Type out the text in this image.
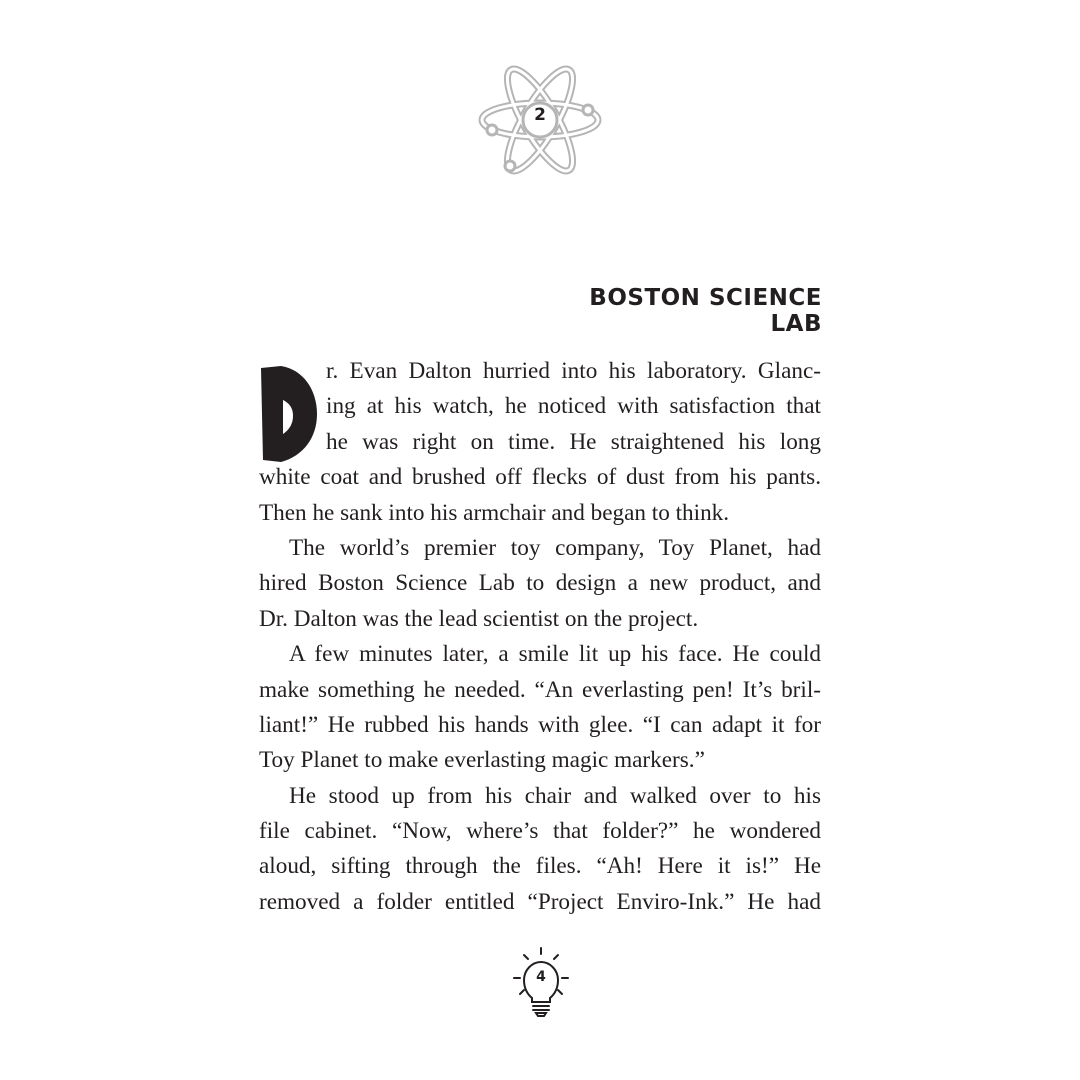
2
BOSTON SCIENCE LAB
r. Evan Dalton hurried into his laboratory. Glanc-
ing at his watch, he noticed with satisfaction that
he was right on time. He straightened his long
white coat and brushed off flecks of dust from his pants.
Then he sank into his armchair and began to think.
The world’s premier toy company, Toy Planet, had
hired Boston Science Lab to design a new product, and
Dr. Dalton was the lead scientist on the project.
A few minutes later, a smile lit up his face. He could
make something he needed. “An everlasting pen! It’s bril-
liant!” He rubbed his hands with glee. “I can adapt it for
Toy Planet to make everlasting magic markers.”
He stood up from his chair and walked over to his
file cabinet. “Now, where’s that folder?” he wondered
aloud, sifting through the files. “Ah! Here it is!” He
removed a folder entitled “Project Enviro-Ink.” He had
4
